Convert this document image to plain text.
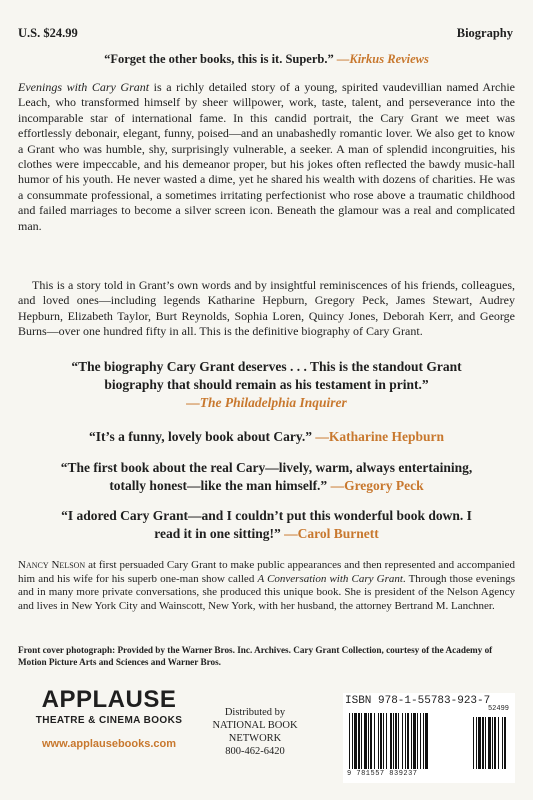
U.S. $24.99	Biography
“Forget the other books, this is it. Superb.” —Kirkus Reviews
Evenings with Cary Grant is a richly detailed story of a young, spirited vaudevillian named Archie Leach, who transformed himself by sheer willpower, work, taste, talent, and perseverance into the incomparable star of international fame. In this candid portrait, the Cary Grant we meet was effortlessly debonair, elegant, funny, poised—and an unabashedly romantic lover. We also get to know a Grant who was humble, shy, surprisingly vulnerable, a seeker. A man of splendid incongruities, his clothes were impeccable, and his demeanor proper, but his jokes often reflected the bawdy music-hall humor of his youth. He never wasted a dime, yet he shared his wealth with dozens of charities. He was a consummate professional, a sometimes irritating perfectionist who rose above a traumatic childhood and failed marriages to become a silver screen icon. Beneath the glamour was a real and complicated man.
This is a story told in Grant’s own words and by insightful reminiscences of his friends, colleagues, and loved ones—including legends Katharine Hepburn, Gregory Peck, James Stewart, Audrey Hepburn, Elizabeth Taylor, Burt Reynolds, Sophia Loren, Quincy Jones, Deborah Kerr, and George Burns—over one hundred fifty in all. This is the definitive biography of Cary Grant.
“The biography Cary Grant deserves . . . This is the standout Grant
biography that should remain as his testament in print.”
—The Philadelphia Inquirer
“It’s a funny, lovely book about Cary.” —Katharine Hepburn
“The first book about the real Cary—lively, warm, always entertaining,
totally honest—like the man himself.” —Gregory Peck
“I adored Cary Grant—and I couldn’t put this wonderful book down. I
read it in one sitting!” —Carol Burnett
Nancy Nelson at first persuaded Cary Grant to make public appearances and then represented and accompanied him and his wife for his superb one-man show called A Conversation with Cary Grant. Through those evenings and in many more private conversations, she produced this unique book. She is president of the Nelson Agency and lives in New York City and Wainscott, New York, with her husband, the attorney Bertrand M. Lanchner.
Front cover photograph: Provided by the Warner Bros. Inc. Archives. Cary Grant Collection, courtesy of the Academy of Motion Picture Arts and Sciences and Warner Bros.
APPLAUSE
THEATRE & CINEMA BOOKS
www.applausebooks.com
Distributed by
NATIONAL BOOK NETWORK
800-462-6420
ISBN 978-1-55783-923-7
52499
9 781557 839237
